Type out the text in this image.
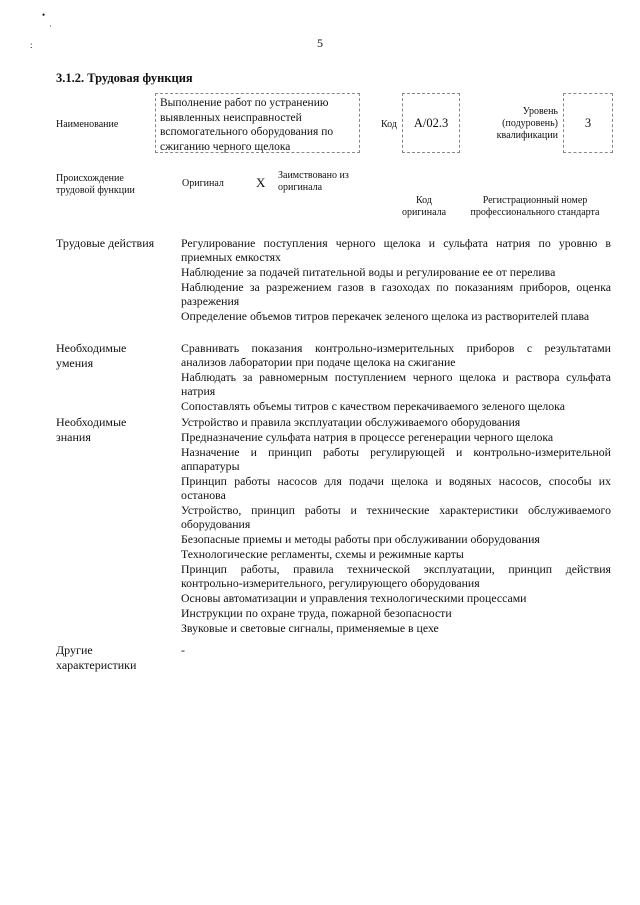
•
˙
:	5
3.1.2. Трудовая функция
Наименование
Выполнение работ по устранению выявленных неисправностей вспомогательного оборудования по сжиганию черного щелока
Код	A/02.3
Уровень
(подуровень)
квалификации
3
Происхождение
трудовой функции
Оригинал X Заимствовано из
оригинала
Код
оригинала
Регистрационный номер
профессионального стандарта
Трудовые действия Регулирование поступления черного щелока и сульфата натрия по уровню в приемных емкостях
Наблюдение за подачей питательной воды и регулирование ее от перелива
Наблюдение за разрежением газов в газоходах по показаниям приборов, оценка разрежения
Определение объемов титров перекачек зеленого щелока из растворителей плава
Необходимые умения
Сравнивать показания контрольно-измерительных приборов с результатами анализов лаборатории при подаче щелока на сжигание
Наблюдать за равномерным поступлением черного щелока и раствора сульфата натрия
Сопоставлять объемы титров с качеством перекачиваемого зеленого щелока
Необходимые знания
Устройство и правила эксплуатации обслуживаемого оборудования
Предназначение сульфата натрия в процессе регенерации черного щелока
Назначение и принцип работы регулирующей и контрольно-измерительной аппаратуры
Принцип работы насосов для подачи щелока и водяных насосов, способы их останова
Устройство, принцип работы и технические характеристики обслуживаемого оборудования
Безопасные приемы и методы работы при обслуживании оборудования
Технологические регламенты, схемы и режимные карты
Принцип работы, правила технической эксплуатации, принцип действия контрольно-измерительного, регулирующего оборудования
Основы автоматизации и управления технологическими процессами
Инструкции по охране труда, пожарной безопасности
Звуковые и световые сигналы, применяемые в цехе
Другие характеристики
-
